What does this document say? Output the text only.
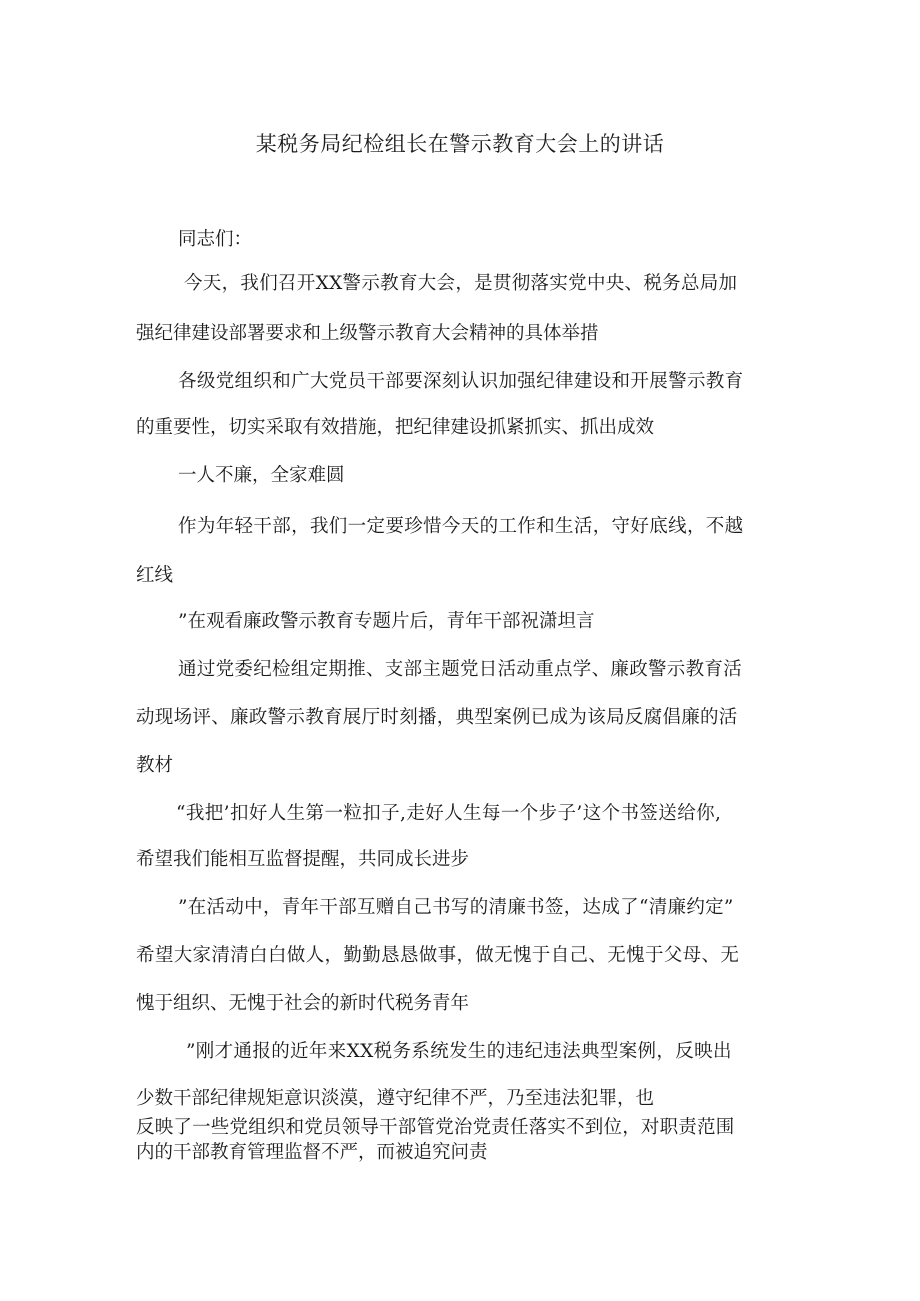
某税务局纪检组长在警示教育大会上的讲话
同志们：
今天，我们召开XX警示教育大会，是贯彻落实党中央、税务总局加
强纪律建设部署要求和上级警示教育大会精神的具体举措
各级党组织和广大党员干部要深刻认识加强纪律建设和开展警示教育
的重要性，切实采取有效措施，把纪律建设抓紧抓实、抓出成效
一人不廉，全家难圆
作为年轻干部，我们一定要珍惜今天的工作和生活，守好底线，不越
红线
”在观看廉政警示教育专题片后，青年干部祝潇坦言
通过党委纪检组定期推、支部主题党日活动重点学、廉政警示教育活
动现场评、廉政警示教育展厅时刻播，典型案例已成为该局反腐倡廉的活
教材
“我把’扣好人生第一粒扣子,走好人生每一个步子’这个书签送给你,
希望我们能相互监督提醒，共同成长进步
”在活动中，青年干部互赠自己书写的清廉书签，达成了“清廉约定”
希望大家清清白白做人，勤勤恳恳做事，做无愧于自己、无愧于父母、无
愧于组织、无愧于社会的新时代税务青年
”刚才通报的近年来XX税务系统发生的违纪违法典型案例，反映出
少数干部纪律规矩意识淡漠，遵守纪律不严，乃至违法犯罪，也
反映了一些党组织和党员领导干部管党治党责任落实不到位，对职责范围
内的干部教育管理监督不严，而被追究问责
